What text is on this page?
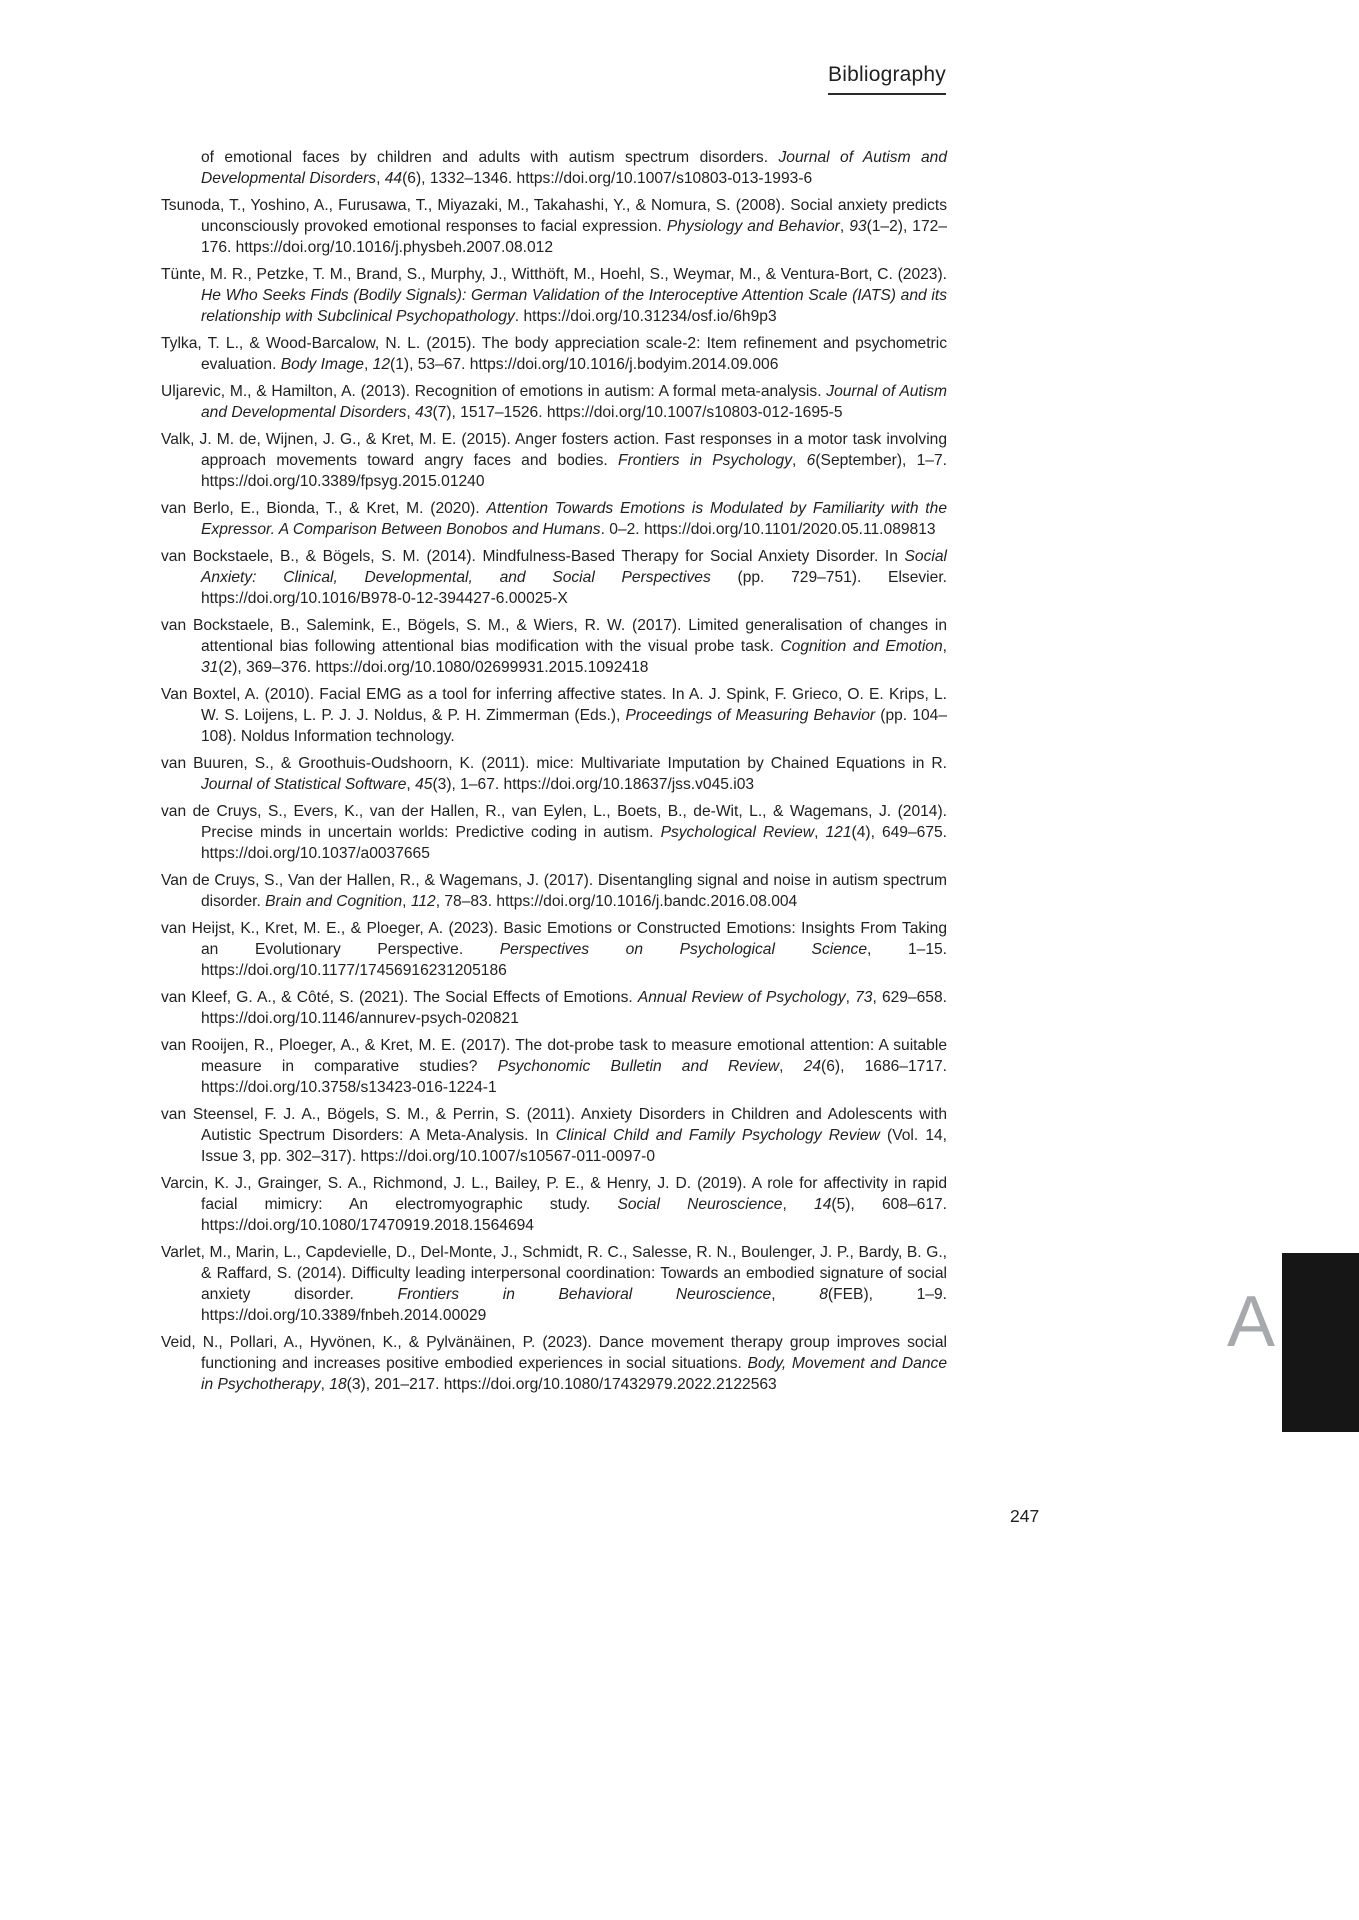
Bibliography

of emotional faces by children and adults with autism spectrum disorders. Journal of Autism and Developmental Disorders, 44(6), 1332–1346. https://doi.org/10.1007/s10803-013-1993-6

Tsunoda, T., Yoshino, A., Furusawa, T., Miyazaki, M., Takahashi, Y., & Nomura, S. (2008). Social anxiety predicts unconsciously provoked emotional responses to facial expression. Physiology and Behavior, 93(1–2), 172–176. https://doi.org/10.1016/j.physbeh.2007.08.012

Tünte, M. R., Petzke, T. M., Brand, S., Murphy, J., Witthöft, M., Hoehl, S., Weymar, M., & Ventura-Bort, C. (2023). He Who Seeks Finds (Bodily Signals): German Validation of the Interoceptive Attention Scale (IATS) and its relationship with Subclinical Psychopathology. https://doi.org/10.31234/osf.io/6h9p3

Tylka, T. L., & Wood-Barcalow, N. L. (2015). The body appreciation scale-2: Item refinement and psychometric evaluation. Body Image, 12(1), 53–67. https://doi.org/10.1016/j.bodyim.2014.09.006

Uljarevic, M., & Hamilton, A. (2013). Recognition of emotions in autism: A formal meta-analysis. Journal of Autism and Developmental Disorders, 43(7), 1517–1526. https://doi.org/10.1007/s10803-012-1695-5

Valk, J. M. de, Wijnen, J. G., & Kret, M. E. (2015). Anger fosters action. Fast responses in a motor task involving approach movements toward angry faces and bodies. Frontiers in Psychology, 6(September), 1–7. https://doi.org/10.3389/fpsyg.2015.01240

van Berlo, E., Bionda, T., & Kret, M. (2020). Attention Towards Emotions is Modulated by Familiarity with the Expressor. A Comparison Between Bonobos and Humans. 0–2. https://doi.org/10.1101/2020.05.11.089813

van Bockstaele, B., & Bögels, S. M. (2014). Mindfulness-Based Therapy for Social Anxiety Disorder. In Social Anxiety: Clinical, Developmental, and Social Perspectives (pp. 729–751). Elsevier. https://doi.org/10.1016/B978-0-12-394427-6.00025-X

van Bockstaele, B., Salemink, E., Bögels, S. M., & Wiers, R. W. (2017). Limited generalisation of changes in attentional bias following attentional bias modification with the visual probe task. Cognition and Emotion, 31(2), 369–376. https://doi.org/10.1080/02699931.2015.1092418

Van Boxtel, A. (2010). Facial EMG as a tool for inferring affective states. In A. J. Spink, F. Grieco, O. E. Krips, L. W. S. Loijens, L. P. J. J. Noldus, & P. H. Zimmerman (Eds.), Proceedings of Measuring Behavior (pp. 104–108). Noldus Information technology.

van Buuren, S., & Groothuis-Oudshoorn, K. (2011). mice: Multivariate Imputation by Chained Equations in R. Journal of Statistical Software, 45(3), 1–67. https://doi.org/10.18637/jss.v045.i03

van de Cruys, S., Evers, K., van der Hallen, R., van Eylen, L., Boets, B., de-Wit, L., & Wagemans, J. (2014). Precise minds in uncertain worlds: Predictive coding in autism. Psychological Review, 121(4), 649–675. https://doi.org/10.1037/a0037665

Van de Cruys, S., Van der Hallen, R., & Wagemans, J. (2017). Disentangling signal and noise in autism spectrum disorder. Brain and Cognition, 112, 78–83. https://doi.org/10.1016/j.bandc.2016.08.004

van Heijst, K., Kret, M. E., & Ploeger, A. (2023). Basic Emotions or Constructed Emotions: Insights From Taking an Evolutionary Perspective. Perspectives on Psychological Science, 1–15. https://doi.org/10.1177/17456916231205186

van Kleef, G. A., & Côté, S. (2021). The Social Effects of Emotions. Annual Review of Psychology, 73, 629–658. https://doi.org/10.1146/annurev-psych-020821

van Rooijen, R., Ploeger, A., & Kret, M. E. (2017). The dot-probe task to measure emotional attention: A suitable measure in comparative studies? Psychonomic Bulletin and Review, 24(6), 1686–1717. https://doi.org/10.3758/s13423-016-1224-1

van Steensel, F. J. A., Bögels, S. M., & Perrin, S. (2011). Anxiety Disorders in Children and Adolescents with Autistic Spectrum Disorders: A Meta-Analysis. In Clinical Child and Family Psychology Review (Vol. 14, Issue 3, pp. 302–317). https://doi.org/10.1007/s10567-011-0097-0

Varcin, K. J., Grainger, S. A., Richmond, J. L., Bailey, P. E., & Henry, J. D. (2019). A role for affectivity in rapid facial mimicry: An electromyographic study. Social Neuroscience, 14(5), 608–617. https://doi.org/10.1080/17470919.2018.1564694

Varlet, M., Marin, L., Capdevielle, D., Del-Monte, J., Schmidt, R. C., Salesse, R. N., Boulenger, J. P., Bardy, B. G., & Raffard, S. (2014). Difficulty leading interpersonal coordination: Towards an embodied signature of social anxiety disorder. Frontiers in Behavioral Neuroscience, 8(FEB), 1–9. https://doi.org/10.3389/fnbeh.2014.00029

Veid, N., Pollari, A., Hyvönen, K., & Pylvänäinen, P. (2023). Dance movement therapy group improves social functioning and increases positive embodied experiences in social situations. Body, Movement and Dance in Psychotherapy, 18(3), 201–217. https://doi.org/10.1080/17432979.2022.2122563

A
247
